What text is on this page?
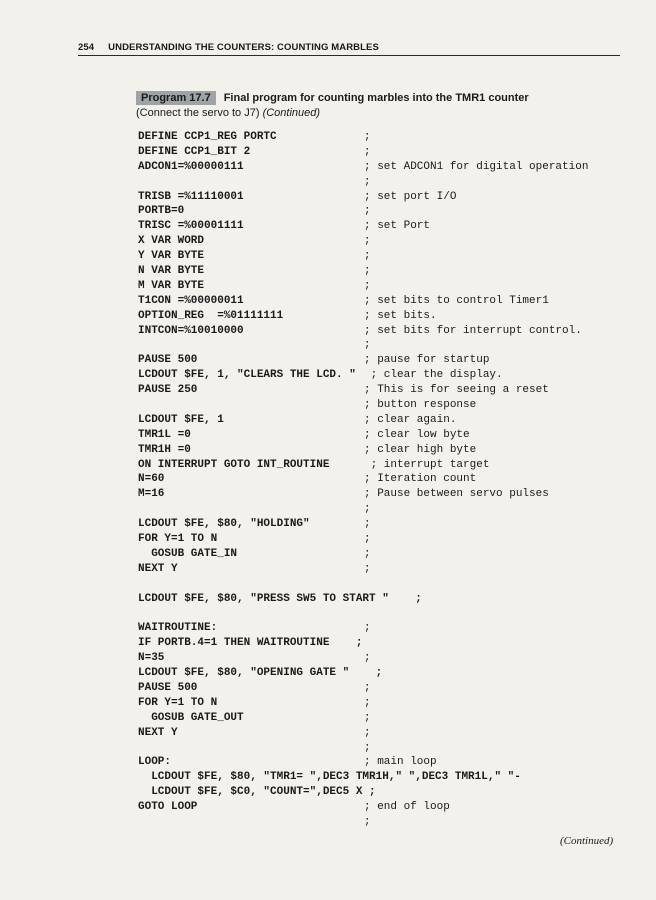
254 UNDERSTANDING THE COUNTERS: COUNTING MARBLES
Program 17.7 Final program for counting marbles into the TMR1 counter
(Connect the servo to J7) (Continued)
DEFINE CCP1_REG PORTC	;
DEFINE CCP1_BIT 2	;
ADCON1=%00000111	; set ADCON1 for digital operation
;
TRISB =%11110001	; set port I/O
PORTB=0	;
TRISC =%00001111	; set Port
X VAR WORD	;
Y VAR BYTE	;
N VAR BYTE	;
M VAR BYTE	;
T1CON =%00000011	; set bits to control Timer1
OPTION_REG  =%01111111	; set bits.
INTCON=%10010000	; set bits for interrupt control.
;
PAUSE 500	; pause for startup
LCDOUT $FE, 1, "CLEARS THE LCD. " ; clear the display.
PAUSE 250	; This is for seeing a reset
; button response
LCDOUT $FE, 1	; clear again.
TMR1L =0	; clear low byte
TMR1H =0	; clear high byte
ON INTERRUPT GOTO INT_ROUTINE	; interrupt target
N=60	; Iteration count
M=16	; Pause between servo pulses
;
LCDOUT $FE, $80, "HOLDING"	;
FOR Y=1 TO N	;
GOSUB GATE_IN	;
NEXT Y	;
LCDOUT $FE, $80, "PRESS SW5 TO START "    ;
WAITROUTINE:	;
IF PORTB.4=1 THEN WAITROUTINE    ;
N=35	;
LCDOUT $FE, $80, "OPENING GATE "    ;
PAUSE 500	;
FOR Y=1 TO N	;
GOSUB GATE_OUT	;
NEXT Y	;
;
LOOP:	; main loop
LCDOUT $FE, $80, "TMR1= ",DEC3 TMR1H," ",DEC3 TMR1L," "-
LCDOUT $FE, $C0, "COUNT=",DEC5 X ;
GOTO LOOP	; end of loop
;
(Continued)
